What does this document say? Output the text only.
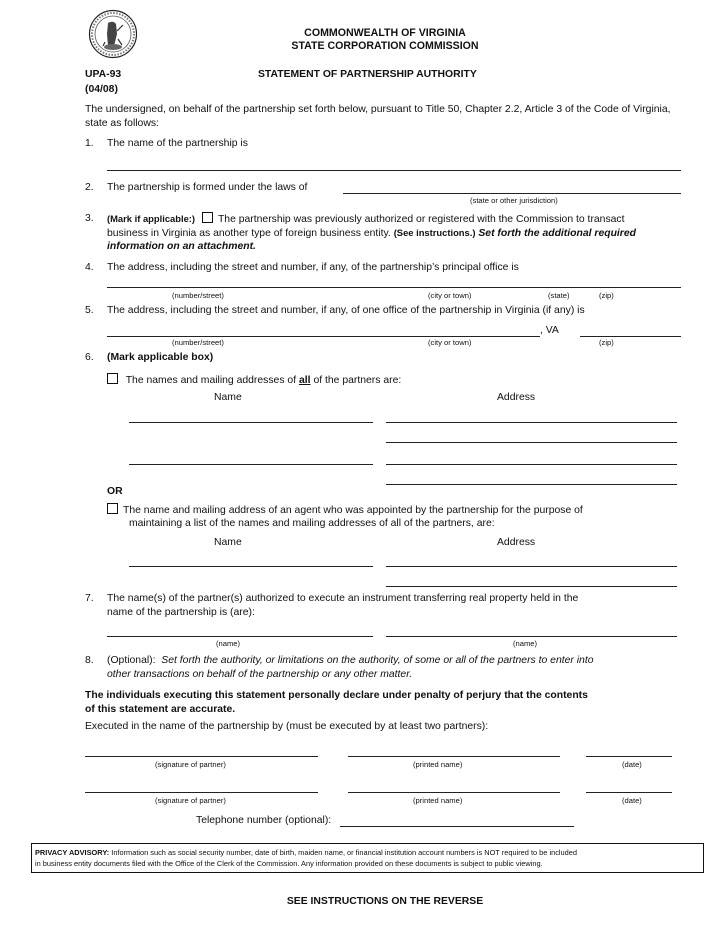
COMMONWEALTH OF VIRGINIA
STATE CORPORATION COMMISSION
UPA-93
(04/08)
STATEMENT OF PARTNERSHIP AUTHORITY
The undersigned, on behalf of the partnership set forth below, pursuant to Title 50, Chapter 2.2, Article 3 of the Code of Virginia, state as follows:
1. The name of the partnership is
2. The partnership is formed under the laws of
(state or other jurisdiction)
3. (Mark if applicable:) The partnership was previously authorized or registered with the Commission to transact
business in Virginia as another type of foreign business entity. (See instructions.) Set forth the additional required
information on an attachment.
4. The address, including the street and number, if any, of the partnership’s principal office is
(number/street)	(city or town)	(state)	(zip)
5. The address, including the street and number, if any, of one office of the partnership in Virginia (if any) is
, VA
(number/street)	(city or town)	(zip)
6. (Mark applicable box)
The names and mailing addresses of all of the partners are:
Name	Address
OR
The name and mailing address of an agent who was appointed by the partnership for the purpose of
maintaining a list of the names and mailing addresses of all of the partners, are:
Name	Address
7. The name(s) of the partner(s) authorized to execute an instrument transferring real property held in the
name of the partnership is (are):
(name)	(name)
8. (Optional): Set forth the authority, or limitations on the authority, of some or all of the partners to enter into
other transactions on behalf of the partnership or any other matter.
The individuals executing this statement personally declare under penalty of perjury that the contents
of this statement are accurate.
Executed in the name of the partnership by (must be executed by at least two partners):
(signature of partner)	(printed name)	(date)
(signature of partner)	(printed name)	(date)
Telephone number (optional):
PRIVACY ADVISORY: Information such as social security number, date of birth, maiden name, or financial institution account numbers is NOT required to be included
in business entity documents filed with the Office of the Clerk of the Commission. Any information provided on these documents is subject to public viewing.
SEE INSTRUCTIONS ON THE REVERSE
